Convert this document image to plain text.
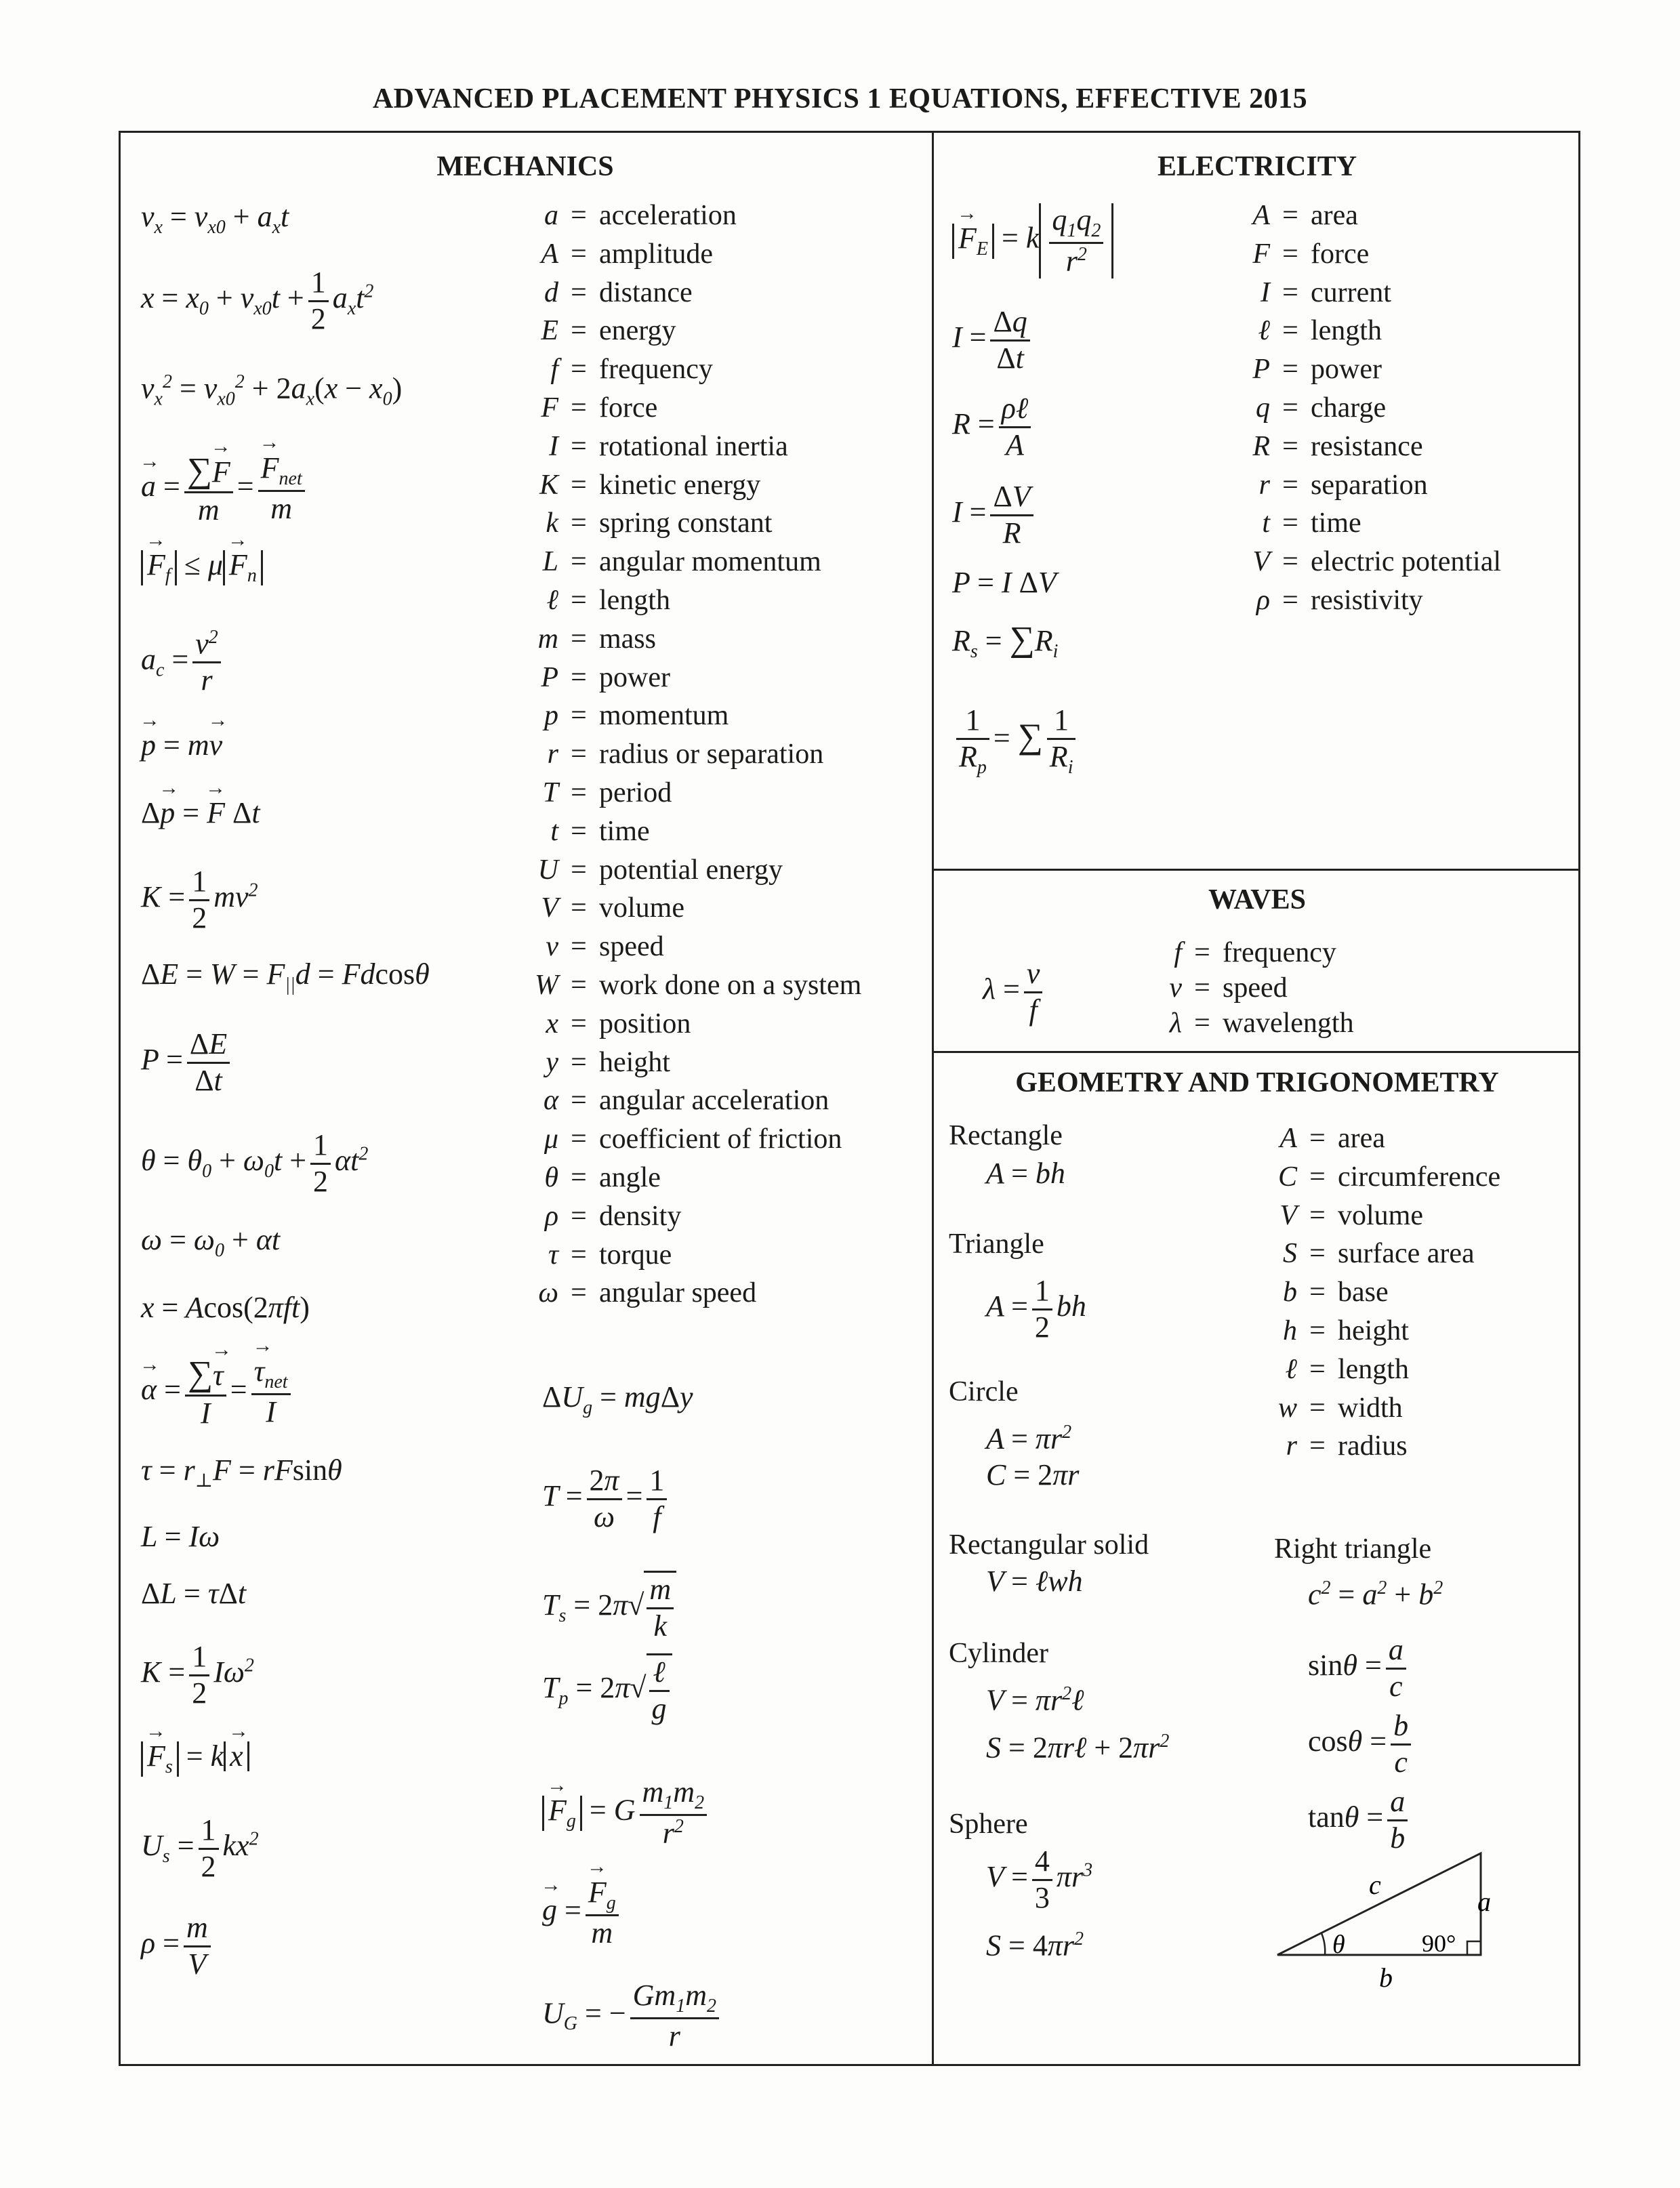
ADVANCED PLACEMENT PHYSICS 1 EQUATIONS, EFFECTIVE 2015
MECHANICS	ELECTRICITY
WAVES
GEOMETRY AND TRIGONOMETRY
$v_x = v_{x0} + a_xt$
$x = x_0 + v_{x0}t + \frac{1}{2} a_xt^2$
$v_x^2 = v_{x0}^2 + 2a_x(x - x_0)$
→ $a = \frac{\sum\to F}{m}$ = → $\frac{F_{net}}{m}$
→ $F_f \le \mu \to F_n$
$a_c = \frac{v^2}{r}$
→ p = m→ v
Δ→ p = → F Δt
$K = \frac{1}{2} mv^2$
$\Delta E = W = F_{||}d = Fdcos\theta$
$P = \frac{\Delta E}{\Delta t}$
$\theta = \theta_0 + \omega_0t + \frac{1}{2} \alpha t^2$
$\omega = \omega_0 + \alpha t$
x = Acos(2πft)
→ $\alpha = \frac{\sum\to \tau}{I}$ = → $\frac{\tau_{net}}{I}$
$\tau = r_\perp F = rFsin\theta$
L = Iω
ΔL = τΔt
$K = \frac{1}{2} I\omega^2$
→ $F_s = k \to x$
$U_s = \frac{1}{2} kx^2$
$\rho = \frac{m}{V}$
a = acceleration
A = amplitude
d = distance
E = energy
f = frequency
F = force
I = rotational inertia
K = kinetic energy
k = spring constant
L = angular momentum
ℓ = length
m = mass
P = power
p = momentum
r = radius or separation
T = period
t = time
U = potential energy
V = volume
v = speed
W = work done on a system
x = position
y = height
α = angular acceleration
μ = coefficient of friction
θ = angle
ρ = density
τ = torque
ω = angular speed
$\Delta U_g = mg\Delta y$
$T = \frac{2\pi}{\omega} = \frac{1}{f}$
$T_s = 2\pi√ \frac{m}{k}$
$T_p = 2\pi√ \frac{\text{ℓ}}{g}$
→ $F_g = G \frac{m_1m_2}{r^2}$
→ g = → $\frac{F_g}{m}$
$U_G$ = − $\frac{Gm_1m_2}{r}$
→ $F_E = k \frac{q_1q_2}{r^2}$
$I = \frac{\Delta q}{\Delta t}$
$R = \frac{\text{ρℓ}}{A}$
$I = \frac{\Delta V}{R}$
P = I ΔV
$R_s = \sum R_i$
$\frac{1}{R_p}$ = ∑ $\frac{1}{R_i}$
A = area
F = force
I = current
ℓ = length
P = power
q = charge
R = resistance
r = separation
t = time
V = electric potential
ρ = resistivity
$\lambda = \frac{v}{f}$
f = frequency
v = speed
λ = wavelength
Rectangle
A = bh
Triangle
$A = \frac{1}{2}$ bh
Circle
$A = \pi r^2$
C = 2πr
Rectangular solid
V = ℓwh
Cylinder
$V = \pi r^2\ell$
S = 2πrℓ + $2\pi r^2$
Sphere
$V = \frac{4}{3} \pi r^3$
$S = 4\pi r^2$
A = area
C = circumference
V = volume
S = surface area
b = base
h = height
ℓ = length
w = width
r = radius
Right triangle
$c^2 = a^2 + b^2$
$\sin\theta = \frac{a}{c}$
$\cos\theta = \frac{b}{c}$
$\tan\theta = \frac{a}{b}$
c
a
b
θ	90°
